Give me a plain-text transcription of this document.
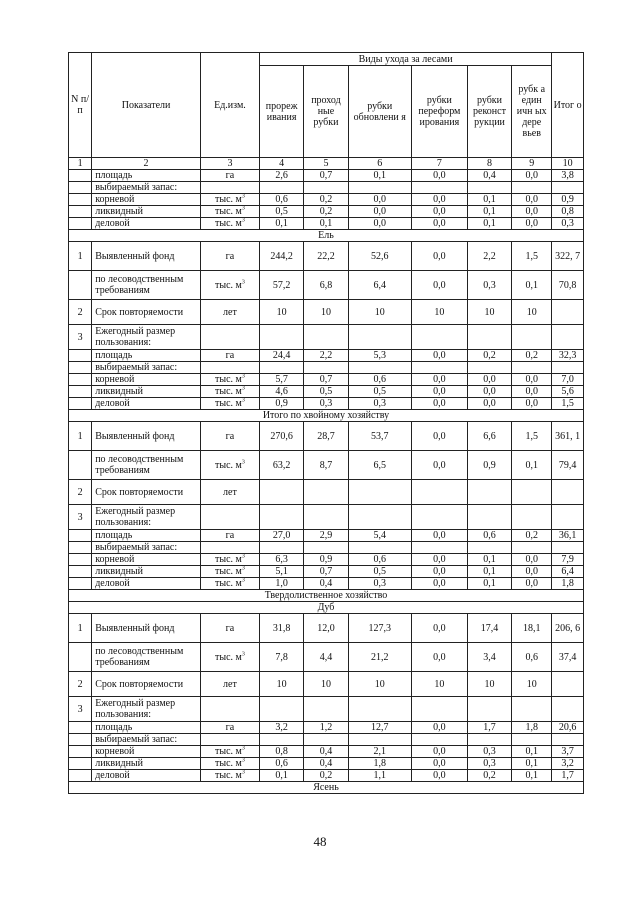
N п/п	Показатели	Ед.изм.	Виды ухода за лесами						Итог о
			прореж ивания	проход ные рубки	рубки обновлени я	рубки переформ ирования	рубки реконст рукции	рубк а един ичн ых дере вьев	
1	2	3	4	5	6	7	8	9	10
	площадь	га	2,6	0,7	0,1	0,0	0,4	0,0	3,8
	выбираемый запас:								
	корневой	тыс. $м^3$	0,6	0,2	0,0	0,0	0,1	0,0	0,9
	ликвидный	тыс. $м^3$	0,5	0,2	0,0	0,0	0,1	0,0	0,8
	деловой	тыс. $м^3$	0,1	0,1	0,0	0,0	0,1	0,0	0,3
Ель									
1	Выявленный фонд	га	244,2	22,2	52,6	0,0	2,2	1,5	322, 7
	по лесоводственным требованиям	тыс. $м^3$	57,2	6,8	6,4	0,0	0,3	0,1	70,8
2	Срок повторяемости	лет	10	10	10	10	10	10	
3	Ежегодный размер пользования:								
	площадь	га	24,4	2,2	5,3	0,0	0,2	0,2	32,3
	выбираемый запас:								
	корневой	тыс. $м^3$	5,7	0,7	0,6	0,0	0,0	0,0	7,0
	ликвидный	тыс. $м^3$	4,6	0,5	0,5	0,0	0,0	0,0	5,6
	деловой	тыс. $м^3$	0,9	0,3	0,3	0,0	0,0	0,0	1,5
Итого по хвойному хозяйству									
1	Выявленный фонд	га	270,6	28,7	53,7	0,0	6,6	1,5	361, 1
	по лесоводственным требованиям	тыс. $м^3$	63,2	8,7	6,5	0,0	0,9	0,1	79,4
2	Срок повторяемости	лет							
3	Ежегодный размер пользования:								
	площадь	га	27,0	2,9	5,4	0,0	0,6	0,2	36,1
	выбираемый запас:								
	корневой	тыс. $м^3$	6,3	0,9	0,6	0,0	0,1	0,0	7,9
	ликвидный	тыс. $м^3$	5,1	0,7	0,5	0,0	0,1	0,0	6,4
	деловой	тыс. $м^3$	1,0	0,4	0,3	0,0	0,1	0,0	1,8
Твердолиственное хозяйство									
Дуб									
1	Выявленный фонд	га	31,8	12,0	127,3	0,0	17,4	18,1	206, 6
	по лесоводственным требованиям	тыс. $м^3$	7,8	4,4	21,2	0,0	3,4	0,6	37,4
2	Срок повторяемости	лет	10	10	10	10	10	10	
3	Ежегодный размер пользования:								
	площадь	га	3,2	1,2	12,7	0,0	1,7	1,8	20,6
	выбираемый запас:								
	корневой	тыс. $м^3$	0,8	0,4	2,1	0,0	0,3	0,1	3,7
	ликвидный	тыс. $м^3$	0,6	0,4	1,8	0,0	0,3	0,1	3,2
	деловой	тыс. $м^3$	0,1	0,2	1,1	0,0	0,2	0,1	1,7
Ясень									
48
